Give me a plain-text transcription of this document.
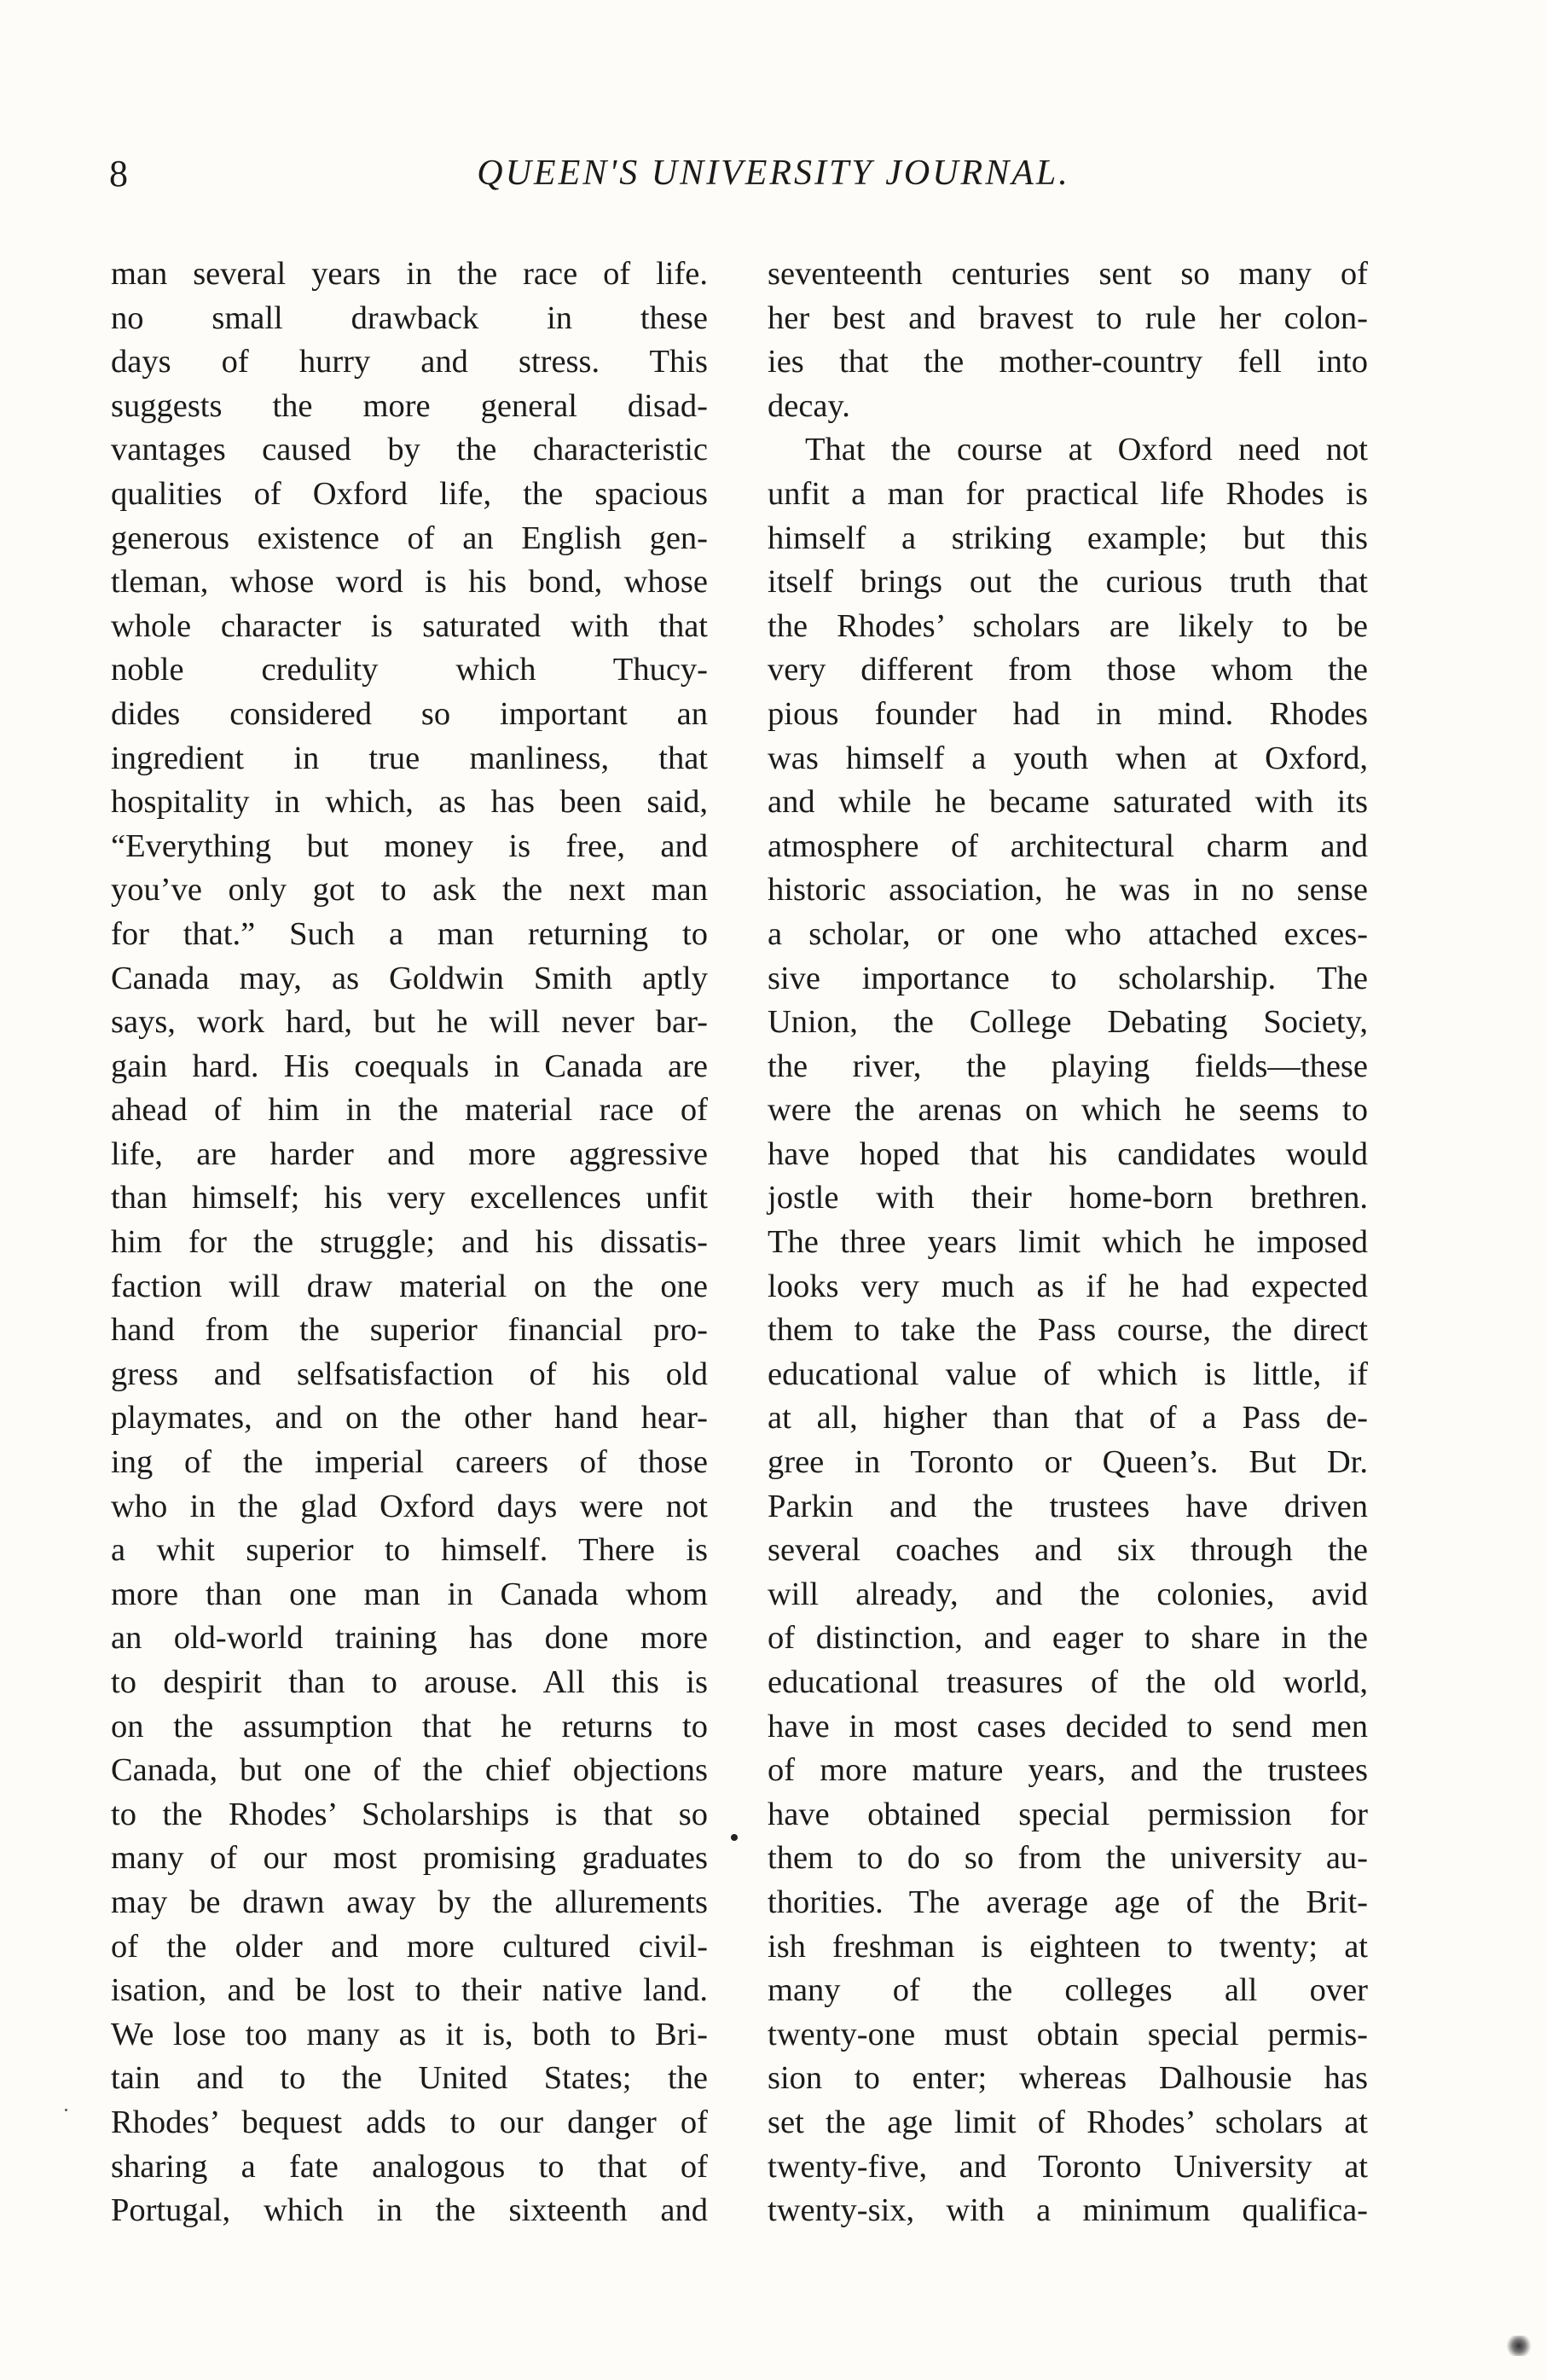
8	QUEEN'S UNIVERSITY JOURNAL.
man several years in the race of life.
no small drawback in these
days of hurry and stress. This
suggests the more general disad-
vantages caused by the characteristic
qualities of Oxford life, the spacious
generous existence of an English gen-
tleman, whose word is his bond, whose
whole character is saturated with that
noble credulity which Thucy-
dides considered so important an
ingredient in true manliness, that
hospitality in which, as has been said,
“Everything but money is free, and
you’ve only got to ask the next man
for that.” Such a man returning to
Canada may, as Goldwin Smith aptly
says, work hard, but he will never bar-
gain hard. His coequals in Canada are
ahead of him in the material race of
life, are harder and more aggressive
than himself; his very excellences unfit
him for the struggle; and his dissatis-
faction will draw material on the one
hand from the superior financial pro-
gress and selfsatisfaction of his old
playmates, and on the other hand hear-
ing of the imperial careers of those
who in the glad Oxford days were not
a whit superior to himself. There is
more than one man in Canada whom
an old-world training has done more
to despirit than to arouse. All this is
on the assumption that he returns to
Canada, but one of the chief objections
to the Rhodes’ Scholarships is that so
many of our most promising graduates
may be drawn away by the allurements
of the older and more cultured civil-
isation, and be lost to their native land.
We lose too many as it is, both to Bri-
tain and to the United States; the
Rhodes’ bequest adds to our danger of
sharing a fate analogous to that of
Portugal, which in the sixteenth and
seventeenth centuries sent so many of
her best and bravest to rule her colon-
ies that the mother-country fell into
decay.
That the course at Oxford need not
unfit a man for practical life Rhodes is
himself a striking example; but this
itself brings out the curious truth that
the Rhodes’ scholars are likely to be
very different from those whom the
pious founder had in mind. Rhodes
was himself a youth when at Oxford,
and while he became saturated with its
atmosphere of architectural charm and
historic association, he was in no sense
a scholar, or one who attached exces-
sive importance to scholarship. The
Union, the College Debating Society,
the river, the playing fields—these
were the arenas on which he seems to
have hoped that his candidates would
jostle with their home-born brethren.
The three years limit which he imposed
looks very much as if he had expected
them to take the Pass course, the direct
educational value of which is little, if
at all, higher than that of a Pass de-
gree in Toronto or Queen’s. But Dr.
Parkin and the trustees have driven
several coaches and six through the
will already, and the colonies, avid
of distinction, and eager to share in the
educational treasures of the old world,
have in most cases decided to send men
of more mature years, and the trustees
have obtained special permission for
them to do so from the university au-
thorities. The average age of the Brit-
ish freshman is eighteen to twenty; at
many of the colleges all over
twenty-one must obtain special permis-
sion to enter; whereas Dalhousie has
set the age limit of Rhodes’ scholars at
twenty-five, and Toronto University at
twenty-six, with a minimum qualifica-
